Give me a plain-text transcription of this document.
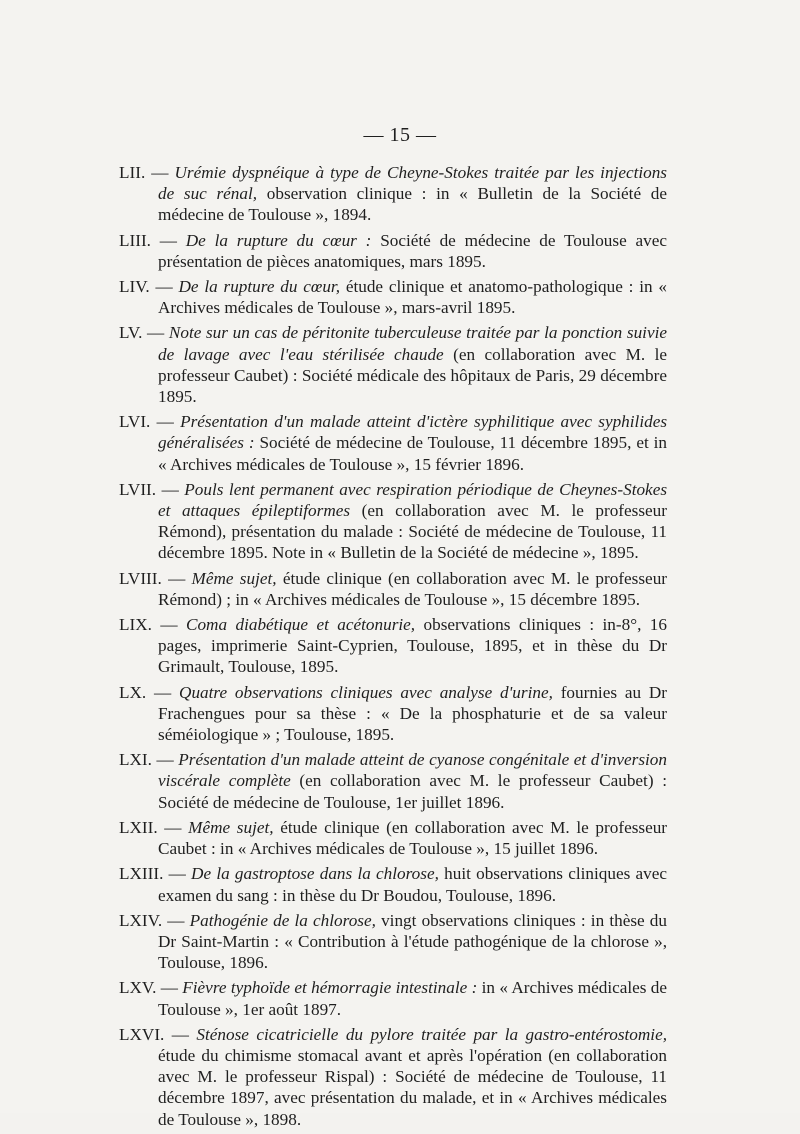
— 15 —

LII. — Urémie dyspnéique à type de Cheyne-Stokes traitée par les injections de suc rénal, observation clinique : in « Bulletin de la Société de médecine de Toulouse », 1894.

LIII. — De la rupture du cœur : Société de médecine de Toulouse avec présentation de pièces anatomiques, mars 1895.

LIV. — De la rupture du cœur, étude clinique et anatomo-pathologique : in « Archives médicales de Toulouse », mars-avril 1895.

LV. — Note sur un cas de péritonite tuberculeuse traitée par la ponction suivie de lavage avec l'eau stérilisée chaude (en collaboration avec M. le professeur Caubet) : Société médicale des hôpitaux de Paris, 29 décembre 1895.

LVI. — Présentation d'un malade atteint d'ictère syphilitique avec syphilides généralisées : Société de médecine de Toulouse, 11 décembre 1895, et in « Archives médicales de Toulouse », 15 février 1896.

LVII. — Pouls lent permanent avec respiration périodique de Cheynes-Stokes et attaques épileptiformes (en collaboration avec M. le professeur Rémond), présentation du malade : Société de médecine de Toulouse, 11 décembre 1895. Note in « Bulletin de la Société de médecine », 1895.

LVIII. — Même sujet, étude clinique (en collaboration avec M. le professeur Rémond) ; in « Archives médicales de Toulouse », 15 décembre 1895.

LIX. — Coma diabétique et acétonurie, observations cliniques : in-8°, 16 pages, imprimerie Saint-Cyprien, Toulouse, 1895, et in thèse du Dr Grimault, Toulouse, 1895.

LX. — Quatre observations cliniques avec analyse d'urine, fournies au Dr Frachengues pour sa thèse : « De la phosphaturie et de sa valeur séméiologique » ; Toulouse, 1895.

LXI. — Présentation d'un malade atteint de cyanose congénitale et d'inversion viscérale complète (en collaboration avec M. le professeur Caubet) : Société de médecine de Toulouse, 1er juillet 1896.

LXII. — Même sujet, étude clinique (en collaboration avec M. le professeur Caubet : in « Archives médicales de Toulouse », 15 juillet 1896.

LXIII. — De la gastroptose dans la chlorose, huit observations cliniques avec examen du sang : in thèse du Dr Boudou, Toulouse, 1896.

LXIV. — Pathogénie de la chlorose, vingt observations cliniques : in thèse du Dr Saint-Martin : « Contribution à l'étude pathogénique de la chlorose », Toulouse, 1896.

LXV. — Fièvre typhoïde et hémorragie intestinale : in « Archives médicales de Toulouse », 1er août 1897.

LXVI. — Sténose cicatricielle du pylore traitée par la gastro-entérostomie, étude du chimisme stomacal avant et après l'opération (en collaboration avec M. le professeur Rispal) : Société de médecine de Toulouse, 11 décembre 1897, avec présentation du malade, et in « Archives médicales de Toulouse », 1898.
